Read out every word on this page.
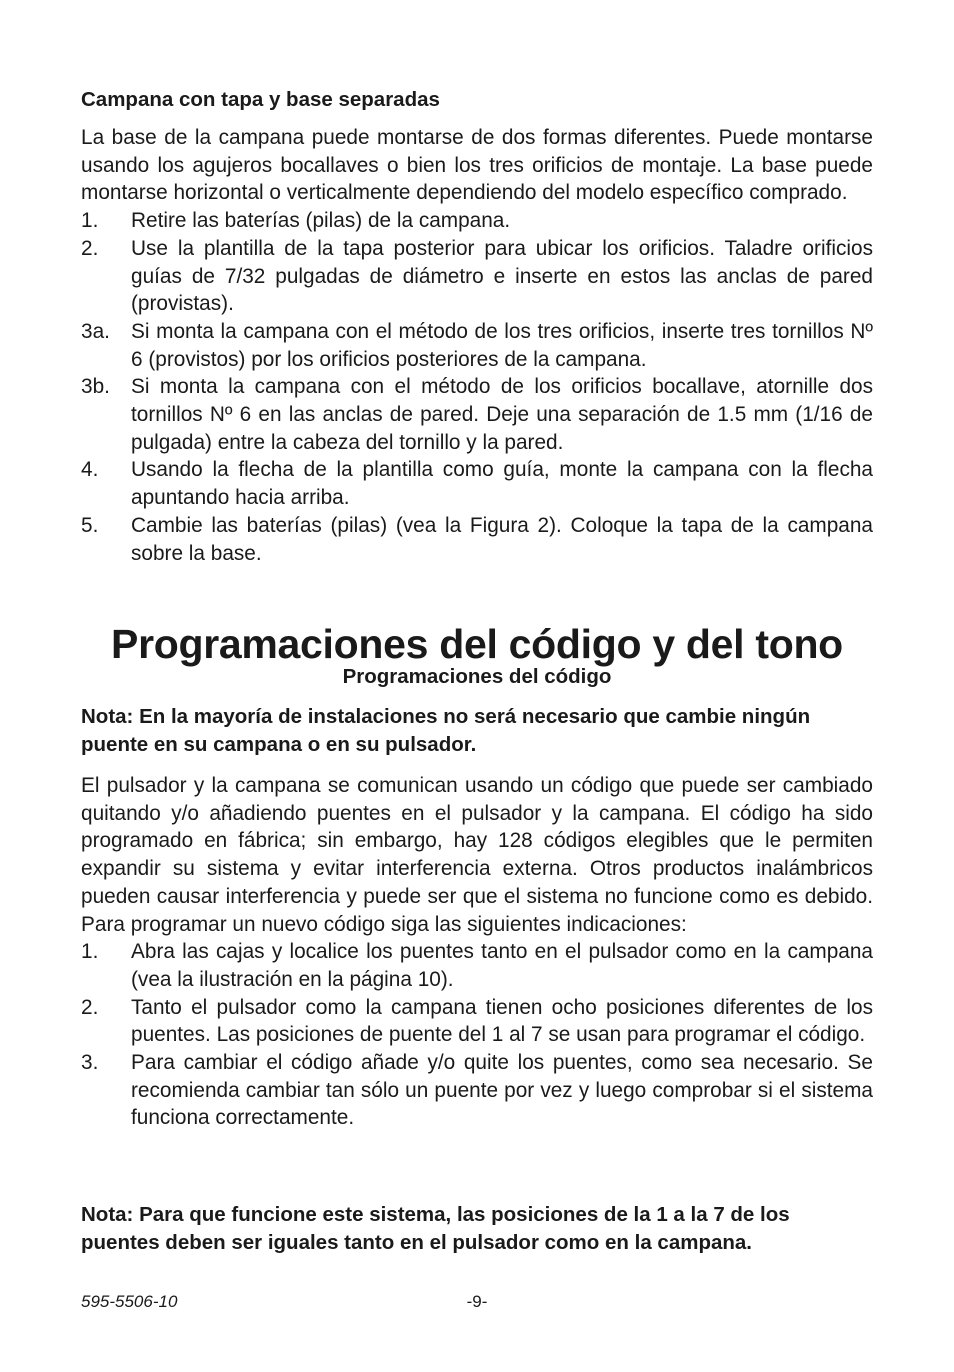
Campana con tapa y base separadas

La base de la campana puede montarse de dos formas diferentes. Puede montarse usando los agujeros bocallaves o bien los tres orificios de montaje. La base puede montarse horizontal o verticalmente dependiendo del modelo específico comprado.

1.	Retire las baterías (pilas) de la campana.
2.	Use la plantilla de la tapa posterior para ubicar los orificios. Taladre orificios guías de 7/32 pulgadas de diámetro e inserte en estos las anclas de pared (provistas).
3a.	Si monta la campana con el método de los tres orificios, inserte tres tornillos Nº 6 (provistos) por los orificios posteriores de la campana.
3b.	Si monta la campana con el método de los orificios bocallave, atornille dos tornillos Nº 6 en las anclas de pared. Deje una separación de 1.5 mm (1/16 de pulgada) entre la cabeza del tornillo y la pared.
4.	Usando la flecha de la plantilla como guía, monte la campana con la flecha apuntando hacia arriba.
5.	Cambie las baterías (pilas) (vea la Figura 2). Coloque la tapa de la campana sobre la base.
Programaciones del código y del tono
Programaciones del código
Nota: En la mayoría de instalaciones no será necesario que cambie ningún puente en su campana o en su pulsador.

El pulsador y la campana se comunican usando un código que puede ser cambiado quitando y/o añadiendo puentes en el pulsador y la campana. El código ha sido programado en fábrica; sin embargo, hay 128 códigos elegibles que le permiten expandir su sistema y evitar interferencia externa. Otros productos inalámbricos pueden causar interferencia y puede ser que el sistema no funcione como es debido. Para programar un nuevo código siga las siguientes indicaciones:

1.	Abra las cajas y localice los puentes tanto en el pulsador como en la campana (vea la ilustración en la página 10).
2.	Tanto el pulsador como la campana tienen ocho posiciones diferentes de los puentes. Las posiciones de puente del 1 al 7 se usan para programar el código.
3.	Para cambiar el código añade y/o quite los puentes, como sea necesario. Se recomienda cambiar tan sólo un puente por vez y luego comprobar si el sistema funciona correctamente.
Nota: Para que funcione este sistema, las posiciones de la 1 a la 7 de los puentes deben ser iguales tanto en el pulsador como en la campana.
595-5506-10	-9-
